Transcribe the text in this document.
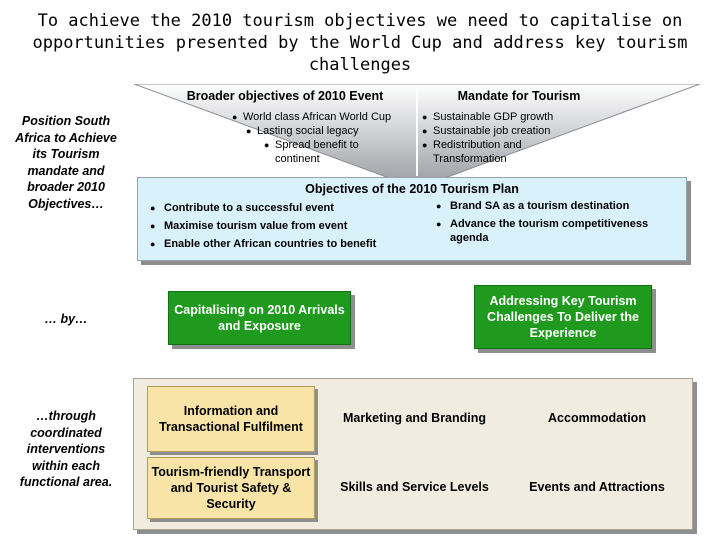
To achieve the 2010 tourism objectives we need to capitalise on opportunities presented by the World Cup and address key tourism challenges
Broader objectives of 2010 Event	Mandate for Tourism
● World class African World Cup
● Lasting social legacy
● Spread benefit to continent
● Sustainable GDP growth
● Sustainable job creation
● Redistribution and Transformation
Position South Africa to Achieve its Tourism mandate and broader 2010 Objectives…
… by…
…through coordinated interventions within each functional area.
Objectives of the 2010 Tourism Plan
● Contribute to a successful event
● Maximise tourism value from event
● Enable other African countries to benefit
● Brand SA as a tourism destination
● Advance the tourism competitiveness agenda
Capitalising on 2010 Arrivals and Exposure
Addressing Key Tourism Challenges To Deliver the Experience
Information and Transactional Fulfilment
Marketing and Branding	Accommodation
Tourism-friendly Transport and Tourist Safety & Security
Skills and Service Levels	Events and Attractions
